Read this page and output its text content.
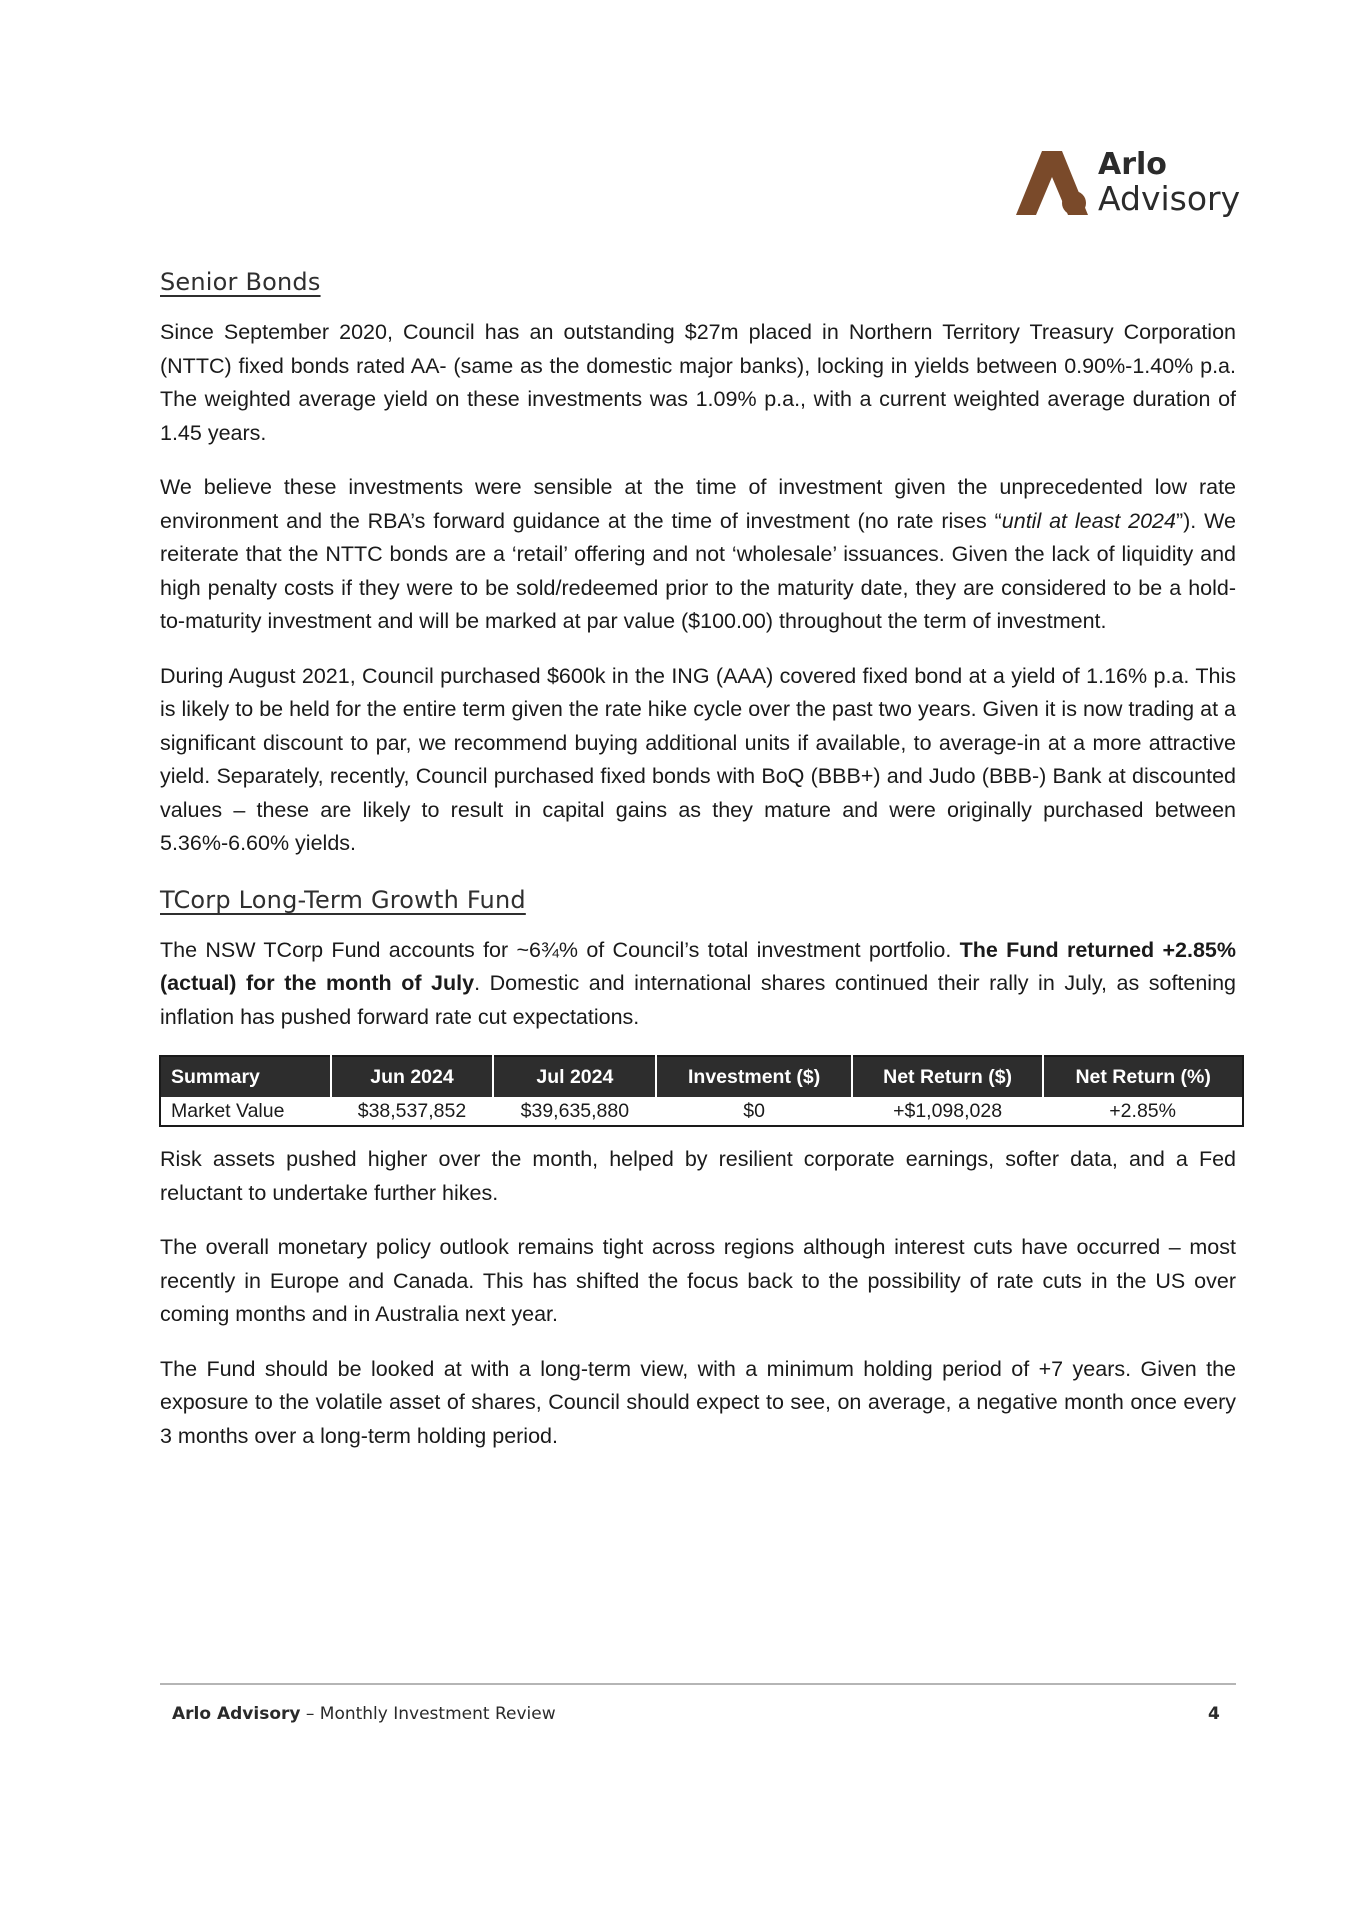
Arlo
Advisory
Senior Bonds

Since September 2020, Council has an outstanding $27m placed in Northern Territory Treasury Corporation (NTTC) fixed bonds rated AA- (same as the domestic major banks), locking in yields between 0.90%-1.40% p.a. The weighted average yield on these investments was 1.09% p.a., with a current weighted average duration of 1.45 years.

We believe these investments were sensible at the time of investment given the unprecedented low rate environment and the RBA’s forward guidance at the time of investment (no rate rises “until at least 2024”). We reiterate that the NTTC bonds are a ‘retail’ offering and not ‘wholesale’ issuances. Given the lack of liquidity and high penalty costs if they were to be sold/redeemed prior to the maturity date, they are considered to be a hold-to-maturity investment and will be marked at par value ($100.00) throughout the term of investment.

During August 2021, Council purchased $600k in the ING (AAA) covered fixed bond at a yield of 1.16% p.a. This is likely to be held for the entire term given the rate hike cycle over the past two years. Given it is now trading at a significant discount to par, we recommend buying additional units if available, to average-in at a more attractive yield. Separately, recently, Council purchased fixed bonds with BoQ (BBB+) and Judo (BBB-) Bank at discounted values – these are likely to result in capital gains as they mature and were originally purchased between 5.36%-6.60% yields.

TCorp Long-Term Growth Fund

The NSW TCorp Fund accounts for ~6¾% of Council’s total investment portfolio. The Fund returned +2.85% (actual) for the month of July. Domestic and international shares continued their rally in July, as softening inflation has pushed forward rate cut expectations.

Summary	Jun 2024	Jul 2024	Investment ($)	Net Return ($)	Net Return (%)
Market Value	$38,537,852	$39,635,880	$0	+$1,098,028	+2.85%

Risk assets pushed higher over the month, helped by resilient corporate earnings, softer data, and a Fed reluctant to undertake further hikes.

The overall monetary policy outlook remains tight across regions although interest cuts have occurred – most recently in Europe and Canada. This has shifted the focus back to the possibility of rate cuts in the US over coming months and in Australia next year.

The Fund should be looked at with a long-term view, with a minimum holding period of +7 years. Given the exposure to the volatile asset of shares, Council should expect to see, on average, a negative month once every 3 months over a long-term holding period.

Arlo Advisory – Monthly Investment Review	4
